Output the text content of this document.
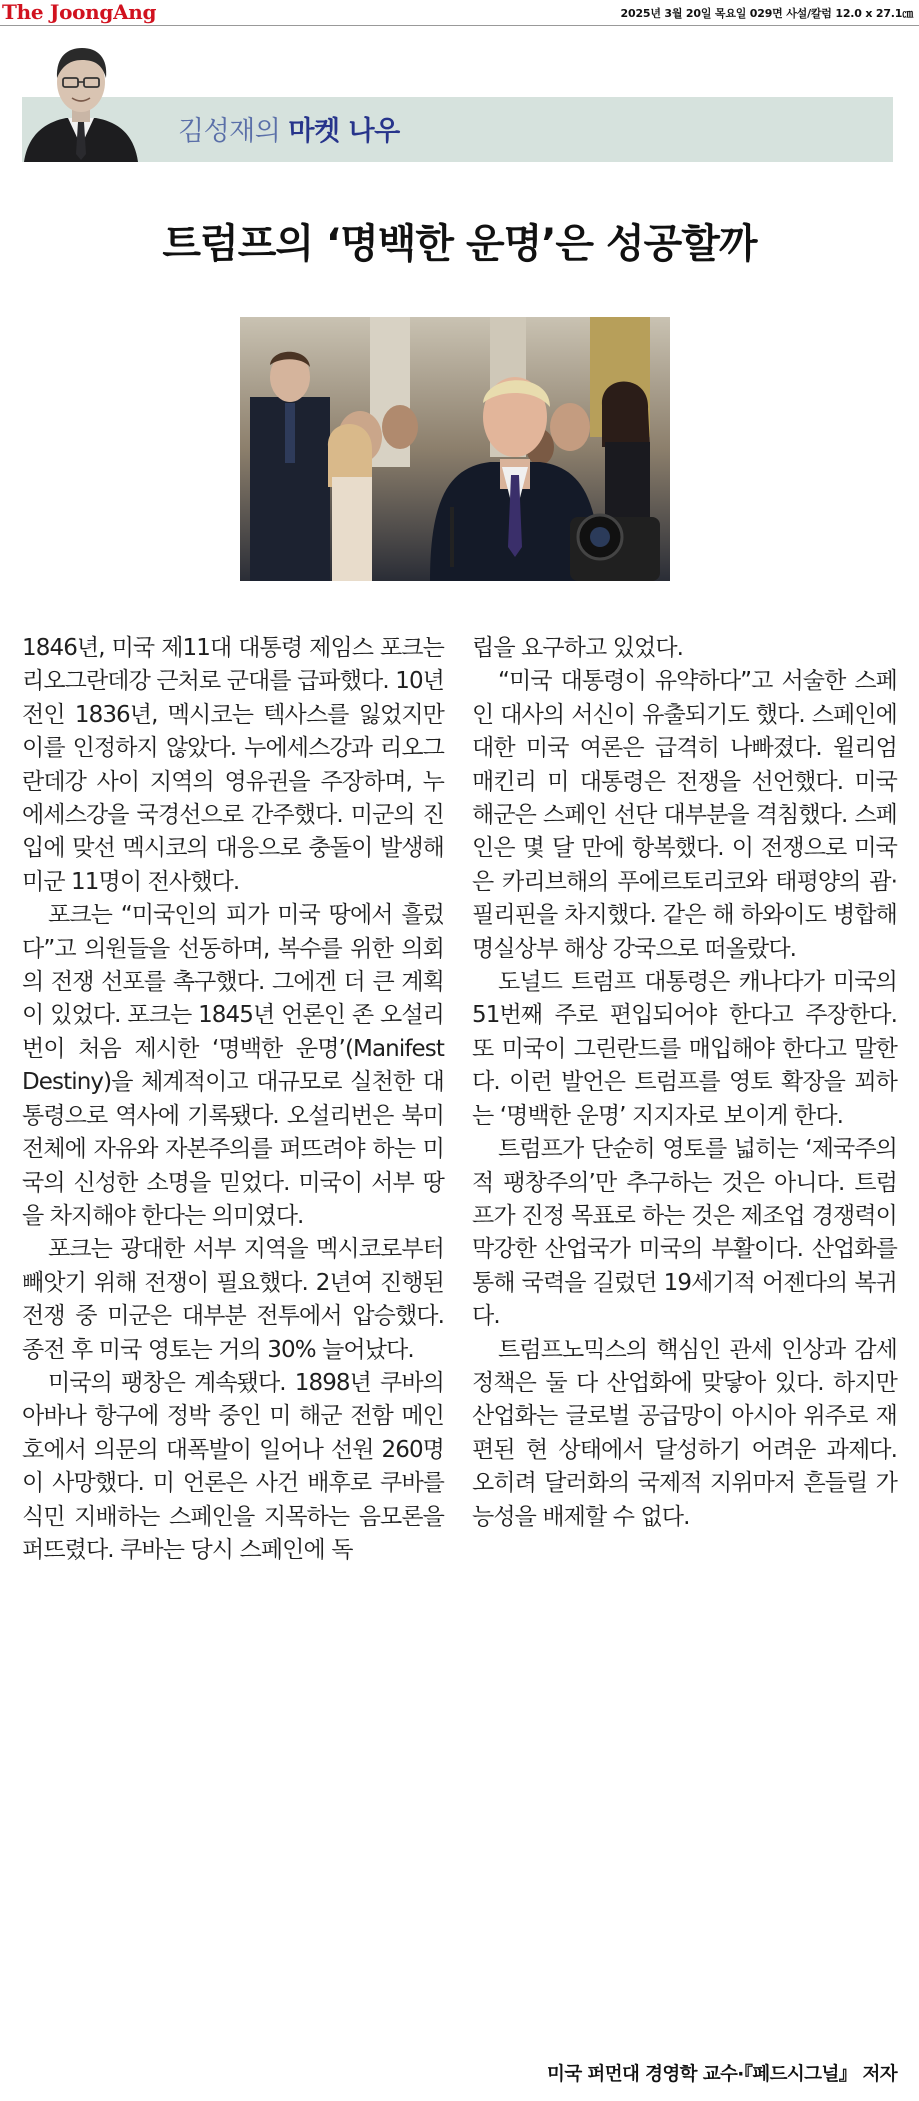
The JoongAng	2025년 3월 20일 목요일 029면 사설/칼럼 12.0 x 27.1㎝
김성재의 마켓 나우
트럼프의 ‘명백한 운명’은 성공할까

1846년, 미국 제11대 대통령 제임스 포크는 리오그란데강 근처로 군대를 급파했다. 10년 전인 1836년, 멕시코는 텍사스를 잃었지만 이를 인정하지 않았다. 누에세스강과 리오그란데강 사이 지역의 영유권을 주장하며, 누에세스강을 국경선으로 간주했다. 미군의 진입에 맞선 멕시코의 대응으로 충돌이 발생해 미군 11명이 전사했다.

포크는 “미국인의 피가 미국 땅에서 흘렀다”고 의원들을 선동하며, 복수를 위한 의회의 전쟁 선포를 촉구했다. 그에겐 더 큰 계획이 있었다. 포크는 1845년 언론인 존 오설리번이 처음 제시한 ‘명백한 운명’(Manifest Destiny)을 체계적이고 대규모로 실천한 대통령으로 역사에 기록됐다. 오설리번은 북미 전체에 자유와 자본주의를 퍼뜨려야 하는 미국의 신성한 소명을 믿었다. 미국이 서부 땅을 차지해야 한다는 의미였다.

포크는 광대한 서부 지역을 멕시코로부터 빼앗기 위해 전쟁이 필요했다. 2년여 진행된 전쟁 중 미군은 대부분 전투에서 압승했다. 종전 후 미국 영토는 거의 30% 늘어났다.

미국의 팽창은 계속됐다. 1898년 쿠바의 아바나 항구에 정박 중인 미 해군 전함 메인호에서 의문의 대폭발이 일어나 선원 260명이 사망했다. 미 언론은 사건 배후로 쿠바를 식민 지배하는 스페인을 지목하는 음모론을 퍼뜨렸다. 쿠바는 당시 스페인에 독

립을 요구하고 있었다.

“미국 대통령이 유약하다”고 서술한 스페인 대사의 서신이 유출되기도 했다. 스페인에 대한 미국 여론은 급격히 나빠졌다. 윌리엄 매킨리 미 대통령은 전쟁을 선언했다. 미국 해군은 스페인 선단 대부분을 격침했다. 스페인은 몇 달 만에 항복했다. 이 전쟁으로 미국은 카리브해의 푸에르토리코와 태평양의 괌·필리핀을 차지했다. 같은 해 하와이도 병합해 명실상부 해상 강국으로 떠올랐다.

도널드 트럼프 대통령은 캐나다가 미국의 51번째 주로 편입되어야 한다고 주장한다. 또 미국이 그린란드를 매입해야 한다고 말한다. 이런 발언은 트럼프를 영토 확장을 꾀하는 ‘명백한 운명’ 지지자로 보이게 한다.

트럼프가 단순히 영토를 넓히는 ‘제국주의적 팽창주의’만 추구하는 것은 아니다. 트럼프가 진정 목표로 하는 것은 제조업 경쟁력이 막강한 산업국가 미국의 부활이다. 산업화를 통해 국력을 길렀던 19세기적 어젠다의 복귀다.

트럼프노믹스의 핵심인 관세 인상과 감세 정책은 둘 다 산업화에 맞닿아 있다. 하지만 산업화는 글로벌 공급망이 아시아 위주로 재편된 현 상태에서 달성하기 어려운 과제다. 오히려 달러화의 국제적 지위마저 흔들릴 가능성을 배제할 수 없다.

미국 퍼먼대 경영학 교수·『페드시그널』 저자
